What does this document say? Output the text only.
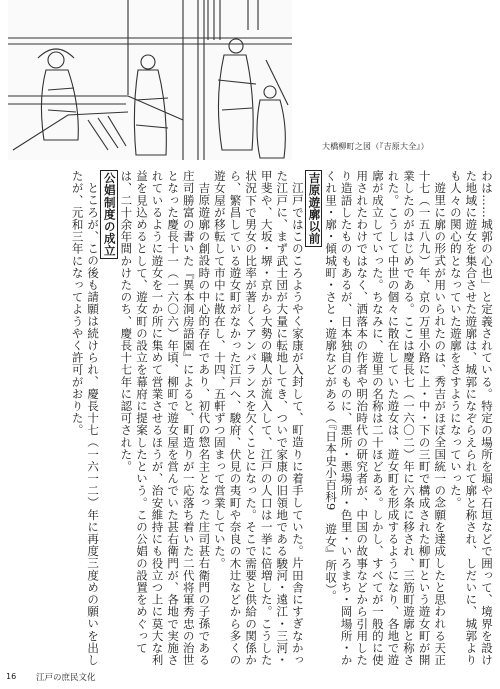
大橋柳町之図（『吉原大全』）

わは……城郭の心也」と定義されている。特定の場所を堀や石垣などで囲って、境界を設けた地域に遊女を集合させた遊廓は、城郭になぞらえられて廓と称され、しだいに、城郭よりも人々の関心的となっていた遊廓をさすようになっていった。

遊里に廓の形式が用いられたのは、秀吉がほぼ全国統一の念願を達成したと思われる天正十七（一五八九）年、京の万里小路に上・中・下の三町で構成された柳町という遊女町が開業したのがはじめである。ここは慶長七（一六〇二）年に六条に移され、三筋町遊廓と称された。こうして中世の個々に散在していた遊女は、遊女町を形成するようになり、各地で遊廓が成立していった。ちなみに、遊里の名称は二十ほどある。しかし、すべてが一般的に使用されたわけではなく、洒落本の作者や明治時代の研究者が、中国の故事などから引用したり造語したものもあるが、日本独自のものに、悪所・悪場所・色里・いろまち・岡場所・かくれ里・廓・傾城町・さと・遊廓などがある（『日本史小百科9　遊女』所収）。

吉原遊廓以前

江戸ではこのころようやく家康が入封して、町造りに着手していた。片田舎にすぎなかった江戸に、まず武士団が大量に転地してき、ついで家康の旧領地である駿河・遠江・三河・甲斐や、大坂・堺・京から大勢の職人が流入して、江戸の人口は一挙に倍増した。こうした状況下で男女の比率が著しくアンバランスを欠くことになった。そこで需要と供給の関係から、繁昌している遊女町がなかった江戸へ、駿府、伏見の夷町や奈良の木辻などから多くの遊女屋が移転して市中に散在し、十四、五軒ずつ固まって営業していた。

吉原遊廓の創設時の中心的存在であり、初代の惣名主となった庄司甚右衛門の子孫である庄司勝富の書いた『異本洞房語園』によると、町造りが一応落ち着いた二代将軍秀忠の治世となった慶長十一（一六〇六）年頃、柳町で遊女屋を営んでいた甚右衛門が、各地で実施されているように遊女を一か所に集めて営業させるほうが、治安維持にも役立つ上に莫大な利益を見込めるとして、遊女町の設立を幕府に提案したという。この公娼の設置をめぐっては、二十余年間かけたのち、慶長十七年に認可された。

公娼制度の成立

ところが、この後も請願は続けられ、慶長十七（一六一二）年に再度三度めの願いを出したが、元和三年になってようやく許可がおりた。

16 江戸の庶民文化
